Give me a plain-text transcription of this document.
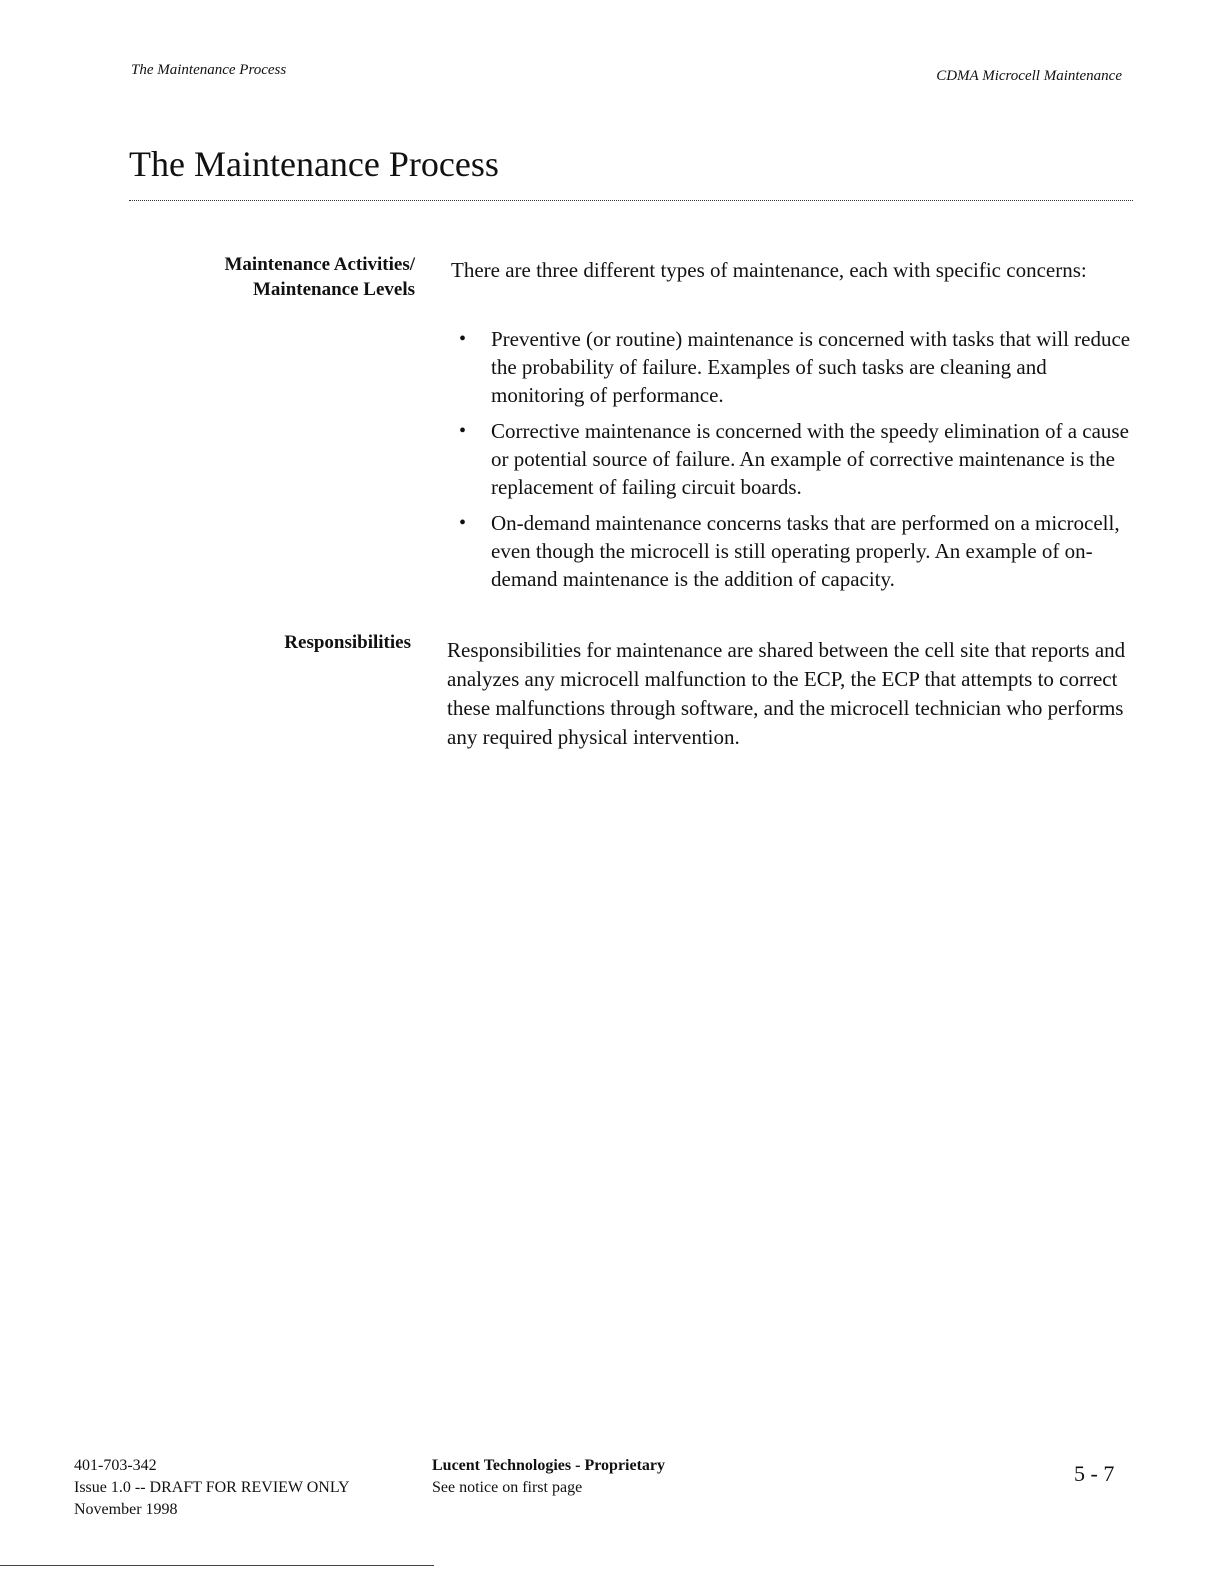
The Maintenance Process	CDMA Microcell Maintenance
The Maintenance Process
Maintenance Activities/
Maintenance Levels
There are three different types of maintenance, each with specific concerns:
• Preventive (or routine) maintenance is concerned with tasks that will reduce the probability of failure. Examples of such tasks are cleaning and monitoring of performance.
• Corrective maintenance is concerned with the speedy elimination of a cause or potential source of failure. An example of corrective maintenance is the replacement of failing circuit boards.
• On-demand maintenance concerns tasks that are performed on a microcell, even though the microcell is still operating properly. An example of on-demand maintenance is the addition of capacity.
Responsibilities Responsibilities for maintenance are shared between the cell site that reports and analyzes any microcell malfunction to the ECP, the ECP that attempts to correct these malfunctions through software, and the microcell technician who performs any required physical intervention.
401-703-342
Issue 1.0 -- DRAFT FOR REVIEW ONLY
November 1998
Lucent Technologies - Proprietary
See notice on first page
5 - 7
